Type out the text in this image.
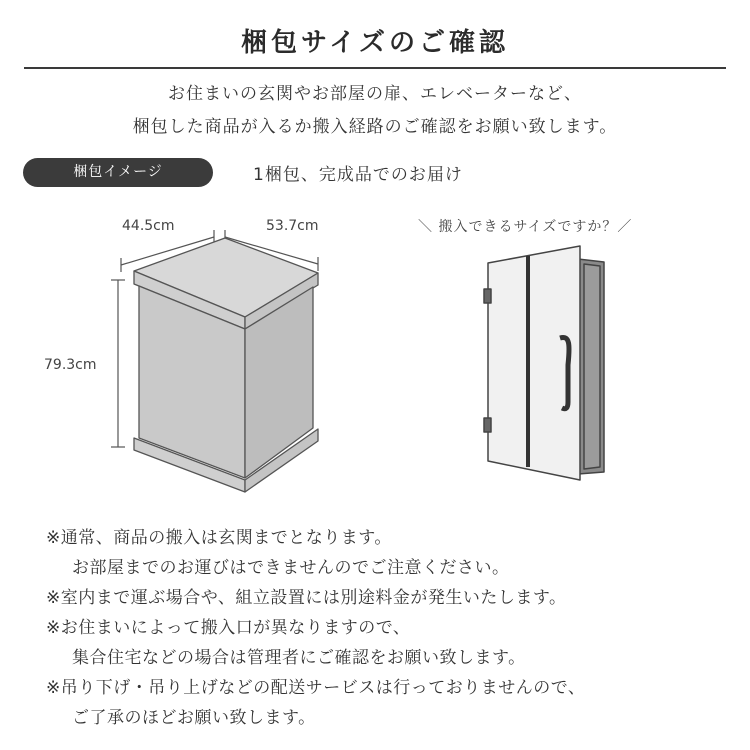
梱包サイズのご確認
お住まいの玄関やお部屋の扉、エレベーターなど、
梱包した商品が入るか搬入経路のご確認をお願い致します。
梱包イメージ	1梱包、完成品でのお届け
44.5cm	53.7cm
79.3cm
＼ 搬入できるサイズですか？／
※通常、商品の搬入は玄関までとなります。
お部屋までのお運びはできませんのでご注意ください。
※室内まで運ぶ場合や、組立設置には別途料金が発生いたします。
※お住まいによって搬入口が異なりますので、
集合住宅などの場合は管理者にご確認をお願い致します。
※吊り下げ・吊り上げなどの配送サービスは行っておりませんので、
ご了承のほどお願い致します。
